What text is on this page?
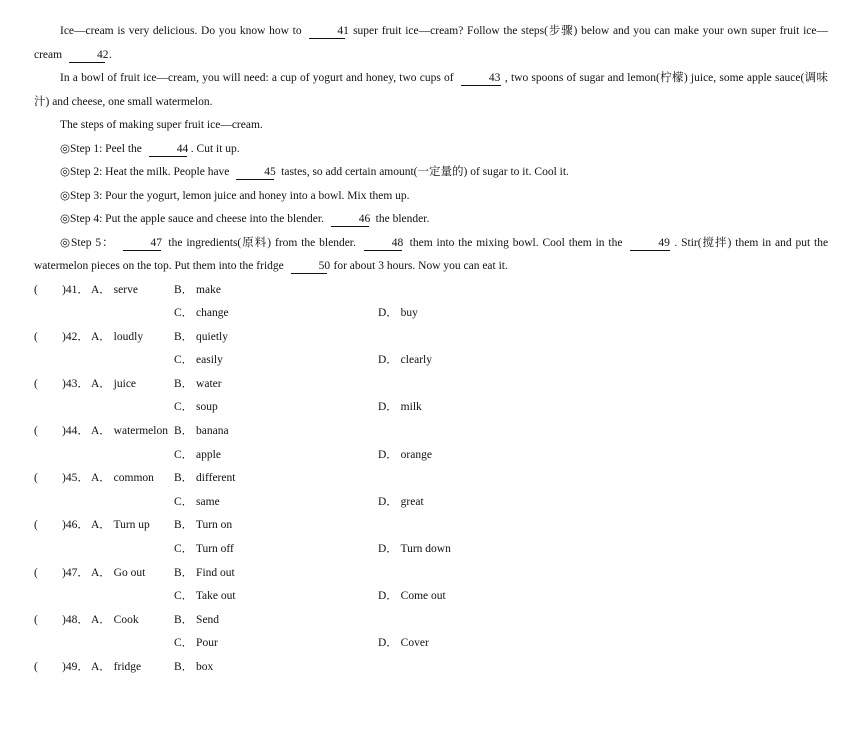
Ice—cream is very delicious. Do you know how to	41 super fruit ice—cream? Follow the steps(步骤) below and you can make your own super fruit ice—cream	42.

In a bowl of fruit ice—cream, you will need: a cup of yogurt and honey, two cups of	43 , two spoons of sugar and lemon(柠檬) juice, some apple sauce(调味汁) and cheese, one small watermelon.

The steps of making super fruit ice—cream.

◎Step 1: Peel the	44 . Cut it up.

◎Step 2: Heat the milk. People have	45 tastes, so add certain amount(一定量的) of sugar to it. Cool it.

◎Step 3: Pour the yogurt, lemon juice and honey into a bowl. Mix them up.

◎Step 4: Put the apple sauce and cheese into the blender.	46 the blender.

◎Step 5：	47 the ingredients(原料) from the blender.	48 them into the mixing bowl. Cool them in the	49 . Stir(搅拌) them in and put the watermelon pieces on the top. Put them into the fridge	50 for about 3 hours. Now you can eat it.

( )41． A． serve	B． make
C． change	D． buy
( )42． A． loudly	B． quietly
C． easily	D． clearly
( )43． A． juice	B． water
C． soup	D． milk
( )44． A． watermelon B． banana
C． apple	D． orange
( )45． A． common B． different
C． same	D． great
( )46． A． Turn up B． Turn on
C． Turn off	D． Turn down
( )47． A． Go out B． Find out
C． Take out	D． Come out
( )48． A． Cook	B． Send
C． Pour	D． Cover
( )49． A． fridge	B． box
